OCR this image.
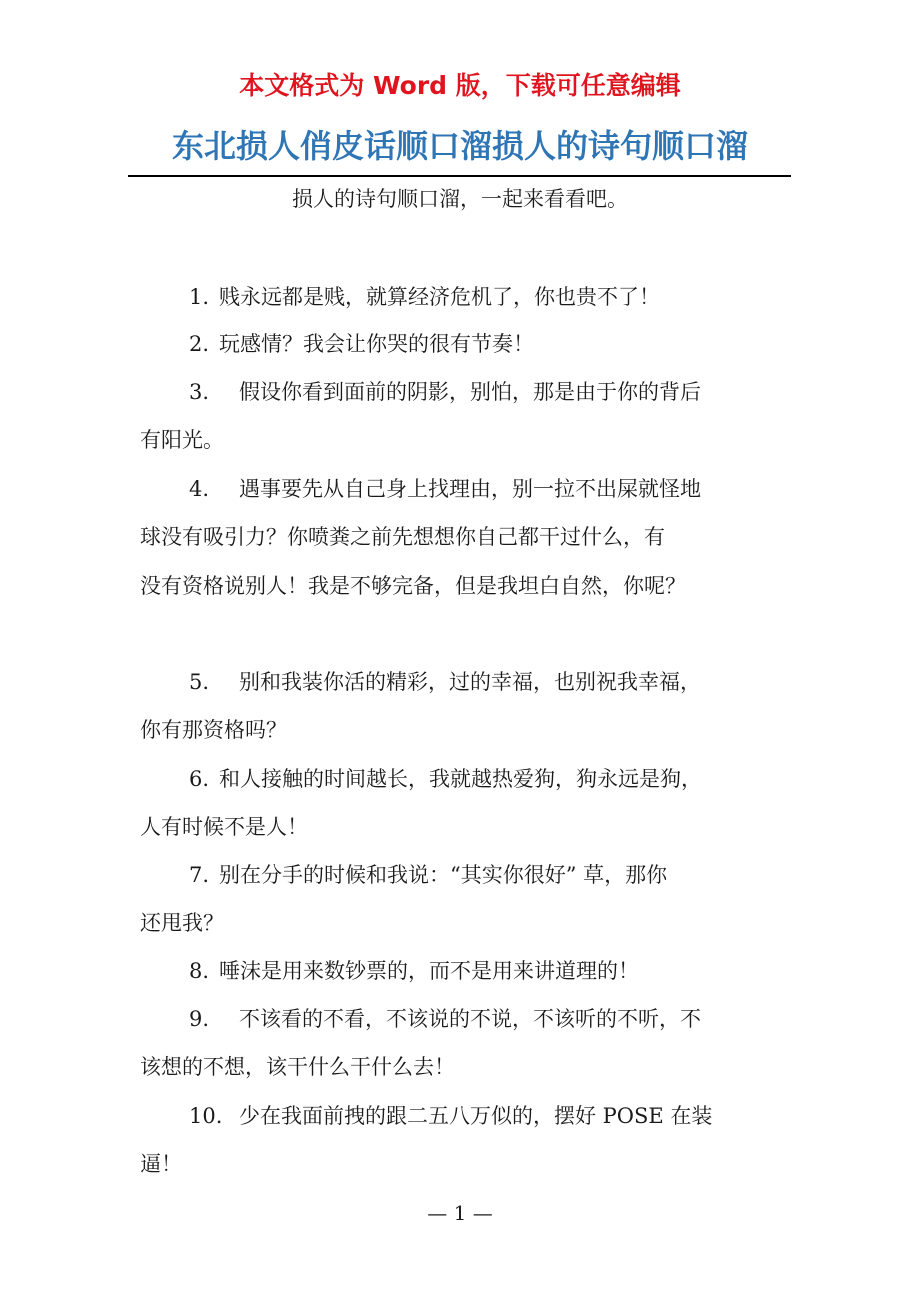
本文格式为 Word 版，下载可任意编辑
东北损人俏皮话顺口溜损人的诗句顺口溜
损人的诗句顺口溜，一起来看看吧。
1. 贱永远都是贱，就算经济危机了，你也贵不了！
2. 玩感情？我会让你哭的很有节奏！
3. 假设你看到面前的阴影，别怕，那是由于你的背后
有阳光。
4. 遇事要先从自己身上找理由，别一拉不出屎就怪地
球没有吸引力？你喷粪之前先想想你自己都干过什么，有
没有资格说别人！我是不够完备，但是我坦白自然，你呢？
5. 别和我装你活的精彩，过的幸福，也别祝我幸福，
你有那资格吗？
6. 和人接触的时间越长，我就越热爱狗，狗永远是狗，
人有时候不是人！
7. 别在分手的时候和我说：“其实你很好” 草，那你
还甩我？
8. 唾沫是用来数钞票的，而不是用来讲道理的！
9. 不该看的不看，不该说的不说，不该听的不听，不
该想的不想，该干什么干什么去！
10. 少在我面前拽的跟二五八万似的，摆好 POSE 在装
逼！
— 1 —
